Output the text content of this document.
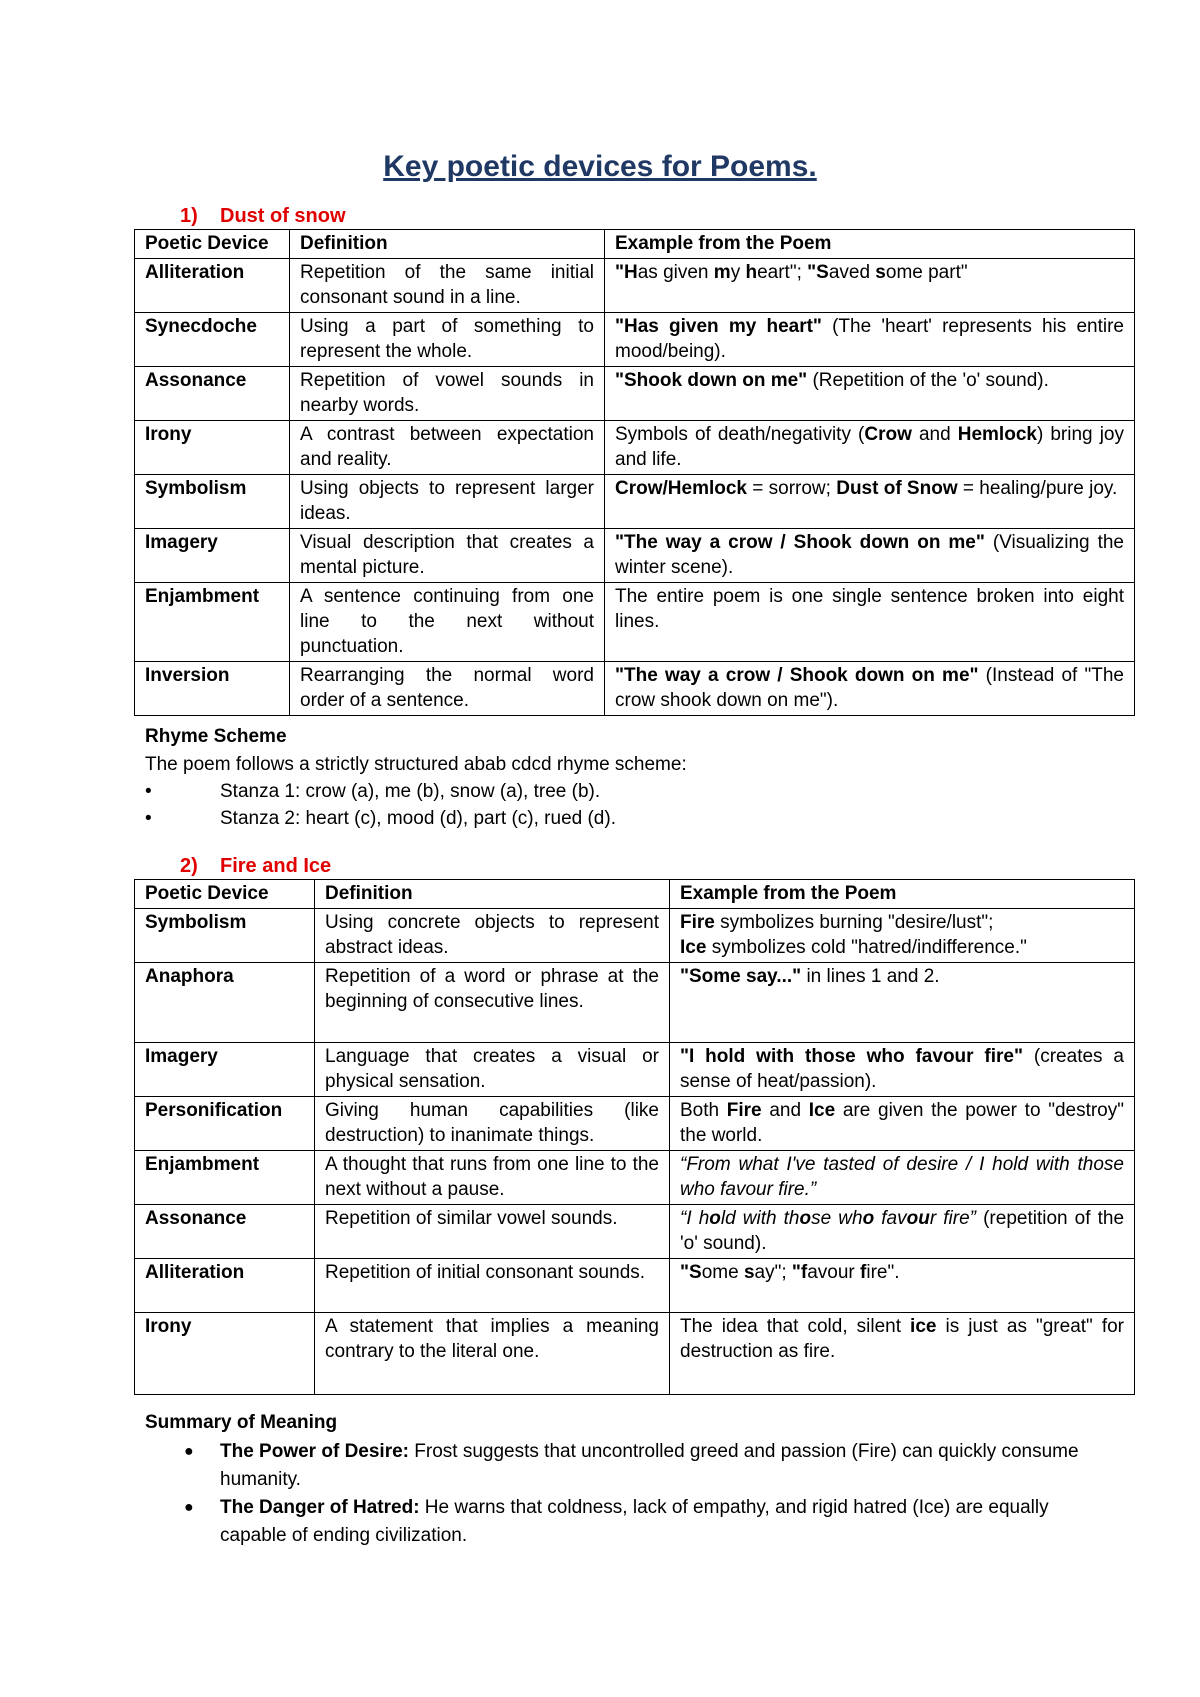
Key poetic devices for Poems.
1) Dust of snow
Poetic Device	Definition	Example from the Poem
Alliteration	Repetition of the same initial consonant sound in a line.	"Has given my heart"; "Saved some part"
Synecdoche	Using a part of something to represent the whole.	"Has given my heart" (The 'heart' represents his entire mood/being).
Assonance	Repetition of vowel sounds in nearby words.	"Shook down on me" (Repetition of the 'o' sound).
Irony	A contrast between expectation and reality.	Symbols of death/negativity (Crow and Hemlock) bring joy and life.
Symbolism	Using objects to represent larger ideas.	Crow/Hemlock = sorrow; Dust of Snow = healing/pure joy.
Imagery	Visual description that creates a mental picture.	"The way a crow / Shook down on me" (Visualizing the winter scene).
Enjambment	A sentence continuing from one line to the next without punctuation.	The entire poem is one single sentence broken into eight lines.
Inversion	Rearranging the normal word order of a sentence.	"The way a crow / Shook down on me" (Instead of "The crow shook down on me").
Rhyme Scheme
The poem follows a strictly structured abab cdcd rhyme scheme:
•	Stanza 1: crow (a), me (b), snow (a), tree (b).
•	Stanza 2: heart (c), mood (d), part (c), rued (d).
2) Fire and Ice
Poetic Device	Definition	Example from the Poem
Symbolism	Using concrete objects to represent abstract ideas.	Fire symbolizes burning "desire/lust";
Ice symbolizes cold "hatred/indifference."
Anaphora	Repetition of a word or phrase at the beginning of consecutive lines.	"Some say..." in lines 1 and 2.
Imagery	Language that creates a visual or physical sensation.	"I hold with those who favour fire" (creates a sense of heat/passion).
Personification	Giving human capabilities (like destruction) to inanimate things.	Both Fire and Ice are given the power to "destroy" the world.
Enjambment	A thought that runs from one line to the next without a pause.	“From what I've tasted of desire / I hold with those who favour fire.”
Assonance	Repetition of similar vowel sounds.	“I hold with those who favour fire” (repetition of the 'o' sound).
Alliteration	Repetition of initial consonant sounds.	"Some say"; "favour fire".
Irony	A statement that implies a meaning contrary to the literal one.	The idea that cold, silent ice is just as "great" for destruction as fire.
Summary of Meaning
● The Power of Desire: Frost suggests that uncontrolled greed and passion (Fire) can quickly consume humanity.
● The Danger of Hatred: He warns that coldness, lack of empathy, and rigid hatred (Ice) are equally capable of ending civilization.
